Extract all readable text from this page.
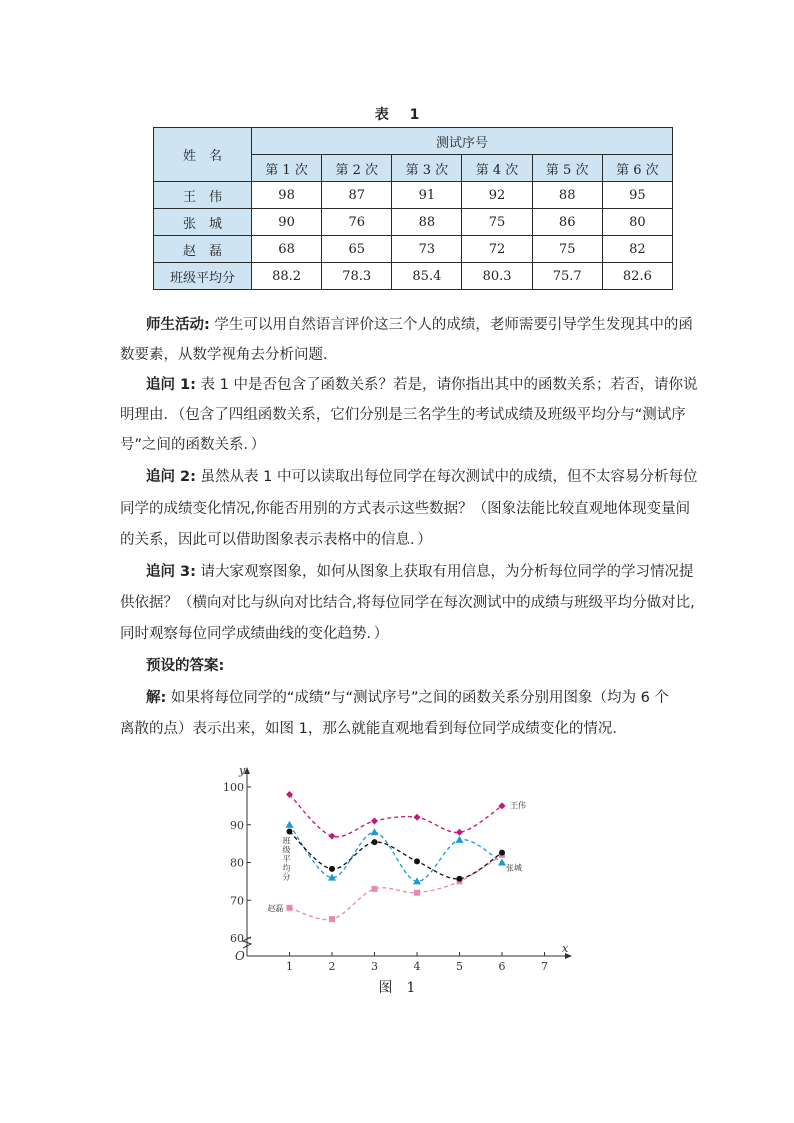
表 1
姓　名	测试序号					
	第 1 次	第 2 次	第 3 次	第 4 次	第 5 次	第 6 次
王　伟	98	87	91	92	88	95
张　城	90	76	88	75	86	80
赵　磊	68	65	73	72	75	82
班级平均分	88.2	78.3	85.4	80.3	75.7	82.6
师生活动: 学生可以用自然语言评价这三个人的成绩，老师需要引导学生发现其中的函
数要素，从数学视角去分析问题．
追问 1: 表 1 中是否包含了函数关系？若是，请你指出其中的函数关系；若否，请你说
明理由．（包含了四组函数关系，它们分别是三名学生的考试成绩及班级平均分与“测试序
号”之间的函数关系．）
追问 2: 虽然从表 1 中可以读取出每位同学在每次测试中的成绩，但不太容易分析每位
同学的成绩变化情况,你能否用别的方式表示这些数据？（图象法能比较直观地体现变量间
的关系，因此可以借助图象表示表格中的信息．）
追问 3: 请大家观察图象，如何从图象上获取有用信息，为分析每位同学的学习情况提
供依据？（横向对比与纵向对比结合,将每位同学在每次测试中的成绩与班级平均分做对比,
同时观察每位同学成绩曲线的变化趋势．）
预设的答案:
解: 如果将每位同学的“成绩”与“测试序号”之间的函数关系分别用图象（均为 6 个
离散的点）表示出来，如图 1，那么就能直观地看到每位同学成绩变化的情况．
y
x
O
1	2	3	4	5	6	7
60
70
80
90
100
王伟
张城
赵磊
班
级
平
均
分
图　1
